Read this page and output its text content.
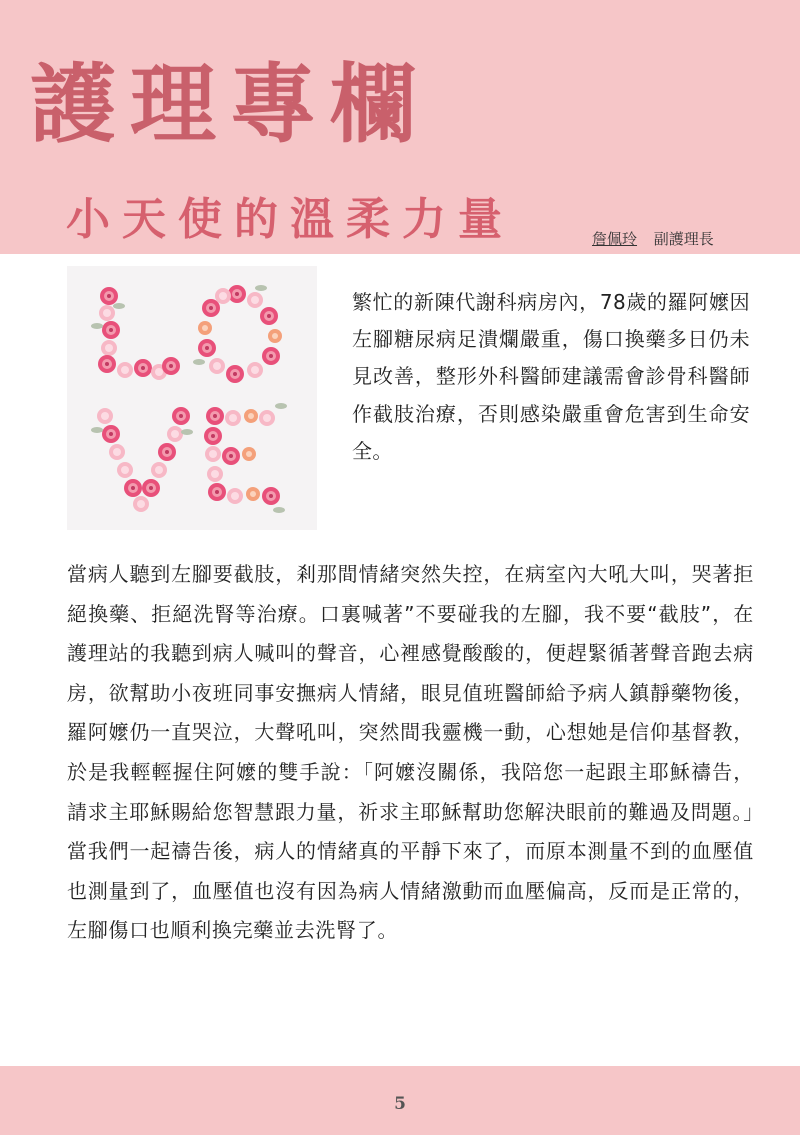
護理專欄
小天使的溫柔力量	詹佩玲 副護理長

繁忙的新陳代謝科病房內，78歲的羅阿嬤因左腳糖尿病足潰爛嚴重，傷口換藥多日仍未見改善，整形外科醫師建議需會診骨科醫師作截肢治療，否則感染嚴重會危害到生命安全。

當病人聽到左腳要截肢，剎那間情緒突然失控，在病室內大吼大叫，哭著拒絕換藥、拒絕洗腎等治療。口裏喊著”不要碰我的左腳，我不要“截肢”，在護理站的我聽到病人喊叫的聲音，心裡感覺酸酸的，便趕緊循著聲音跑去病房，欲幫助小夜班同事安撫病人情緒，眼見值班醫師給予病人鎮靜藥物後，羅阿嬤仍一直哭泣，大聲吼叫，突然間我靈機一動，心想她是信仰基督教，於是我輕輕握住阿嬤的雙手說：「阿嬤沒關係，我陪您一起跟主耶穌禱告，請求主耶穌賜給您智慧跟力量，祈求主耶穌幫助您解決眼前的難過及問題。」當我們一起禱告後，病人的情緒真的平靜下來了，而原本測量不到的血壓值也測量到了，血壓值也沒有因為病人情緒激動而血壓偏高，反而是正常的，左腳傷口也順利換完藥並去洗腎了。

5
